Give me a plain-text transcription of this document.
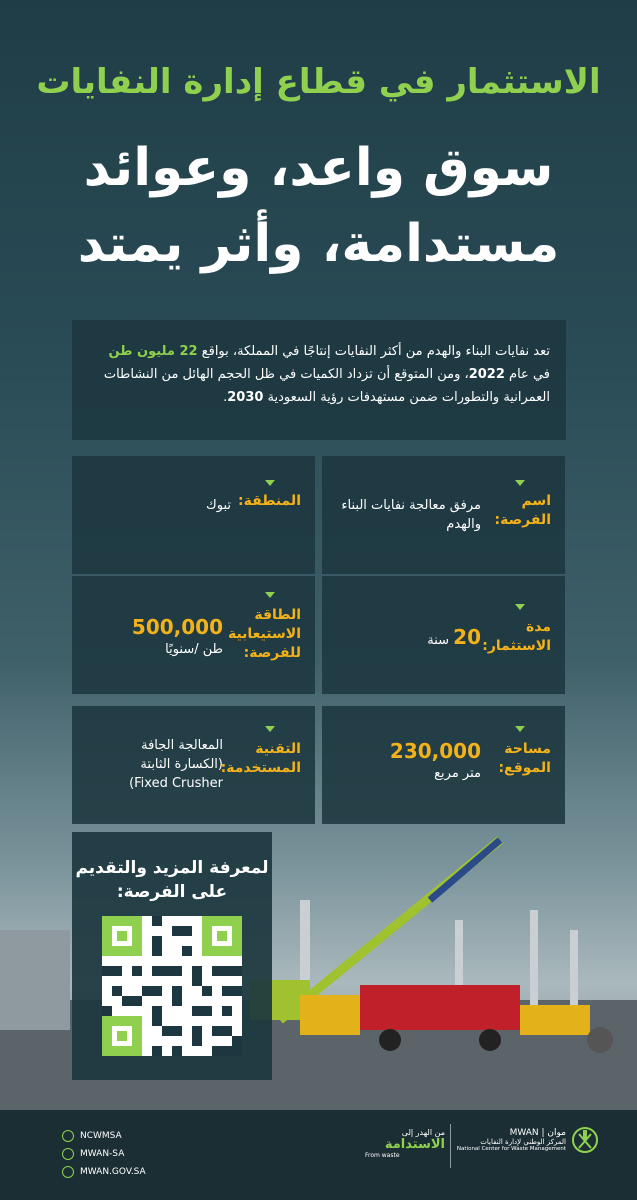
الاستثمار في قطاع إدارة النفايات
سوق واعد، وعوائد
مستدامة، وأثر يمتد
تعد نفايات البناء والهدم من أكثر النفايات إنتاجًا في المملكة، بواقع 22 مليون طن في عام 2022، ومن المتوقع أن تزداد الكميات في ظل الحجم الهائل من النشاطات العمرانية والتطورات ضمن مستهدفات رؤية السعودية 2030.
اسم الفرصة:
مرفق معالجة نفايات البناء والهدم
المنطقة:
تبوك
مدة الاستثمار:
20 سنة
الطاقة الاستيعابية للفرصة:
500,000
طن /سنويًا
مساحة الموقع:
230,000
متر مربع
التقنية المستخدمة:
المعالجة الجافة
(الكسارة الثابتة
(Fixed Crusher
لمعرفة المزيد والتقديم
على الفرصة:
NCWMSA
MWAN-SA
MWAN.GOV.SA
من الهدر إلى
الاستدامة
From waste
MWAN | موان
المركز الوطني لإدارة النفايات
National Center for Waste Management
